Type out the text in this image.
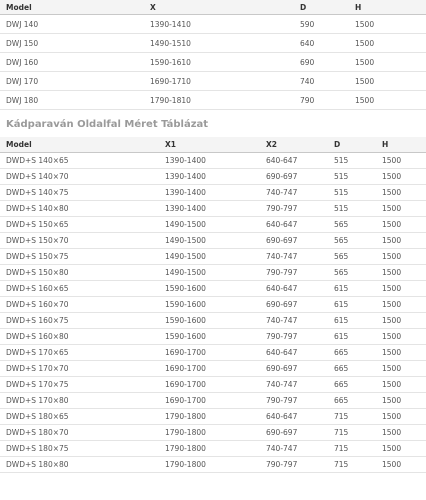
Model	X	D	H
DWJ 140	1390-1410	590	1500
DWJ 150	1490-1510	640	1500
DWJ 160	1590-1610	690	1500
DWJ 170	1690-1710	740	1500
DWJ 180	1790-1810	790	1500
Kádparaván Oldalfal Méret Táblázat
Model	X1	X2	D	H
DWD+S 140×65	1390-1400	640-647	515	1500
DWD+S 140×70	1390-1400	690-697	515	1500
DWD+S 140×75	1390-1400	740-747	515	1500
DWD+S 140×80	1390-1400	790-797	515	1500
DWD+S 150×65	1490-1500	640-647	565	1500
DWD+S 150×70	1490-1500	690-697	565	1500
DWD+S 150×75	1490-1500	740-747	565	1500
DWD+S 150×80	1490-1500	790-797	565	1500
DWD+S 160×65	1590-1600	640-647	615	1500
DWD+S 160×70	1590-1600	690-697	615	1500
DWD+S 160×75	1590-1600	740-747	615	1500
DWD+S 160×80	1590-1600	790-797	615	1500
DWD+S 170×65	1690-1700	640-647	665	1500
DWD+S 170×70	1690-1700	690-697	665	1500
DWD+S 170×75	1690-1700	740-747	665	1500
DWD+S 170×80	1690-1700	790-797	665	1500
DWD+S 180×65	1790-1800	640-647	715	1500
DWD+S 180×70	1790-1800	690-697	715	1500
DWD+S 180×75	1790-1800	740-747	715	1500
DWD+S 180×80	1790-1800	790-797	715	1500
